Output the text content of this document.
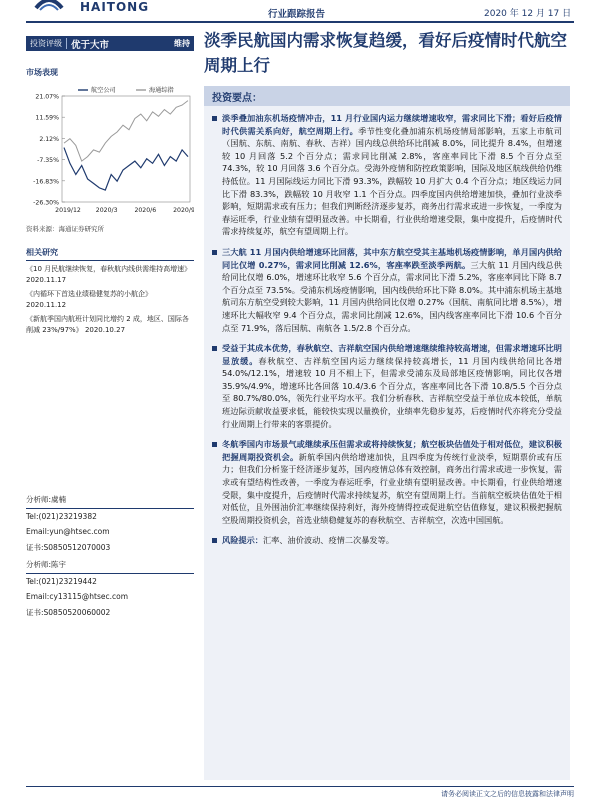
HAITONG
行业跟踪报告	2020 年 12 月 17 日
投资评级 优于大市	维持
市场表现
21.07%
11.59%
2.12%
-7.35%
-16.83%
-26.30%
2019/12 2020/3	2020/6	2020/9
航空公司	海通综指
资料来源：海通证券研究所
相关研究
《10 月民航继续恢复，春秋航内线供需维持高增速》 2020.11.17
《内循环下首选业绩稳健复苏的小航企》 2020.11.12
《新航季国内航班计划同比增约 2 成，地区、国际各削减 23%/97%》 2020.10.27
分析师:虞楠
Tel:(021)23219382
Email:yun@htsec.com
证书:S0850512070003
分析师:陈宇
Tel:(021)23219442
Email:cy13115@htsec.com
证书:S0850520060002
淡季民航国内需求恢复趋缓，看好后疫情时代航空周期上行
投资要点：
淡季叠加油东机场疫情冲击，11 月行业国内运力继续增速收窄，需求同比下滑；看好后疫情时代供需关系向好，航空周期上行。季节性变化叠加浦东机场疫情局部影响，五家上市航司（国航、东航、南航、春秋、吉祥）国内线总供给环比削减 8.0%，同比提升 8.4%，但增速较 10 月回落 5.2 个百分点；需求同比削减 2.8%，客座率同比下滑 8.5 个百分点至 74.3%，较 10 月回落 3.6 个百分点。受海外疫情和防控政策影响，国际及地区航线供给仍维持低位。11 月国际线运力同比下滑 93.3%，跌幅较 10 月扩大 0.4 个百分点；地区线运力同比下滑 83.3%，跌幅较 10 月收窄 1.1 个百分点。四季度国内供给增速加快，叠加行业淡季影响，短期需求或有压力；但我们判断经济逐步复苏，商务出行需求或进一步恢复，一季度为春运旺季，行业业绩有望明显改善。中长期看，行业供给增速受限，集中度提升，后疫情时代需求持续复苏，航空有望周期上行。
三大航 11 月国内供给增速环比回落，其中东方航空受其主基地机场疫情影响，单月国内供给同比仅增 0.27%，需求同比削减 12.6%，客座率跌至淡季两航。三大航 11 月国内线总供给同比仅增 6.0%，增速环比收窄 5.6 个百分点，需求同比下滑 5.2%，客座率同比下降 8.7 个百分点至 73.5%。受浦东机场疫情影响，国内线供给环比下降 8.0%。其中浦东机场主基地航司东方航空受到较大影响，11 月国内供给同比仅增 0.27%（国航、南航同比增 8.5%），增速环比大幅收窄 9.4 个百分点，需求同比削减 12.6%，国内线客座率同比下滑 10.6 个百分点至 71.9%，落后国航、南航各 1.5/2.8 个百分点。
受益于其成本优势，春秋航空、吉祥航空国内供给增速继续维持较高增速，但需求增速环比明显放缓。春秋航空、吉祥航空国内运力继续保持较高增长，11 月国内线供给同比各增 54.0%/12.1%，增速较 10 月不相上下，但需求受浦东及局部地区疫情影响，同比仅各增 35.9%/4.9%，增速环比各回落 10.4/3.6 个百分点，客座率同比各下滑 10.8/5.5 个百分点至 80.7%/80.0%，领先行业平均水平。我们分析春秋、吉祥航空受益于单位成本较低，单航班边际贡献收益要求低，能较快实现以量换价，业绩率先稳步复苏，后疫情时代亦将充分受益行业周期上行带来的客票提价。
冬航季国内市场景气或继续承压但需求或将持续恢复；航空板块估值处于相对低位，建议积极把握周期投资机会。新航季国内供给增速加快，且四季度为传统行业淡季，短期票价或有压力；但我们分析鉴于经济逐步复苏，国内疫情总体有效控制，商务出行需求或进一步恢复，需求或有望结构性改善，一季度为春运旺季，行业业绩有望明显改善。中长期看，行业供给增速受限，集中度提升，后疫情时代需求持续复苏，航空有望周期上行。当前航空板块估值处于相对低位，且外围油价汇率继续保持利好，海外疫情得控或促进航空估值修复，建议积极把握航空股周期投资机会，首选业绩稳健复苏的春秋航空、吉祥航空，次选中国国航。
风险提示：汇率、油价波动、疫情二次暴发等。
请务必阅读正文之后的信息披露和法律声明
